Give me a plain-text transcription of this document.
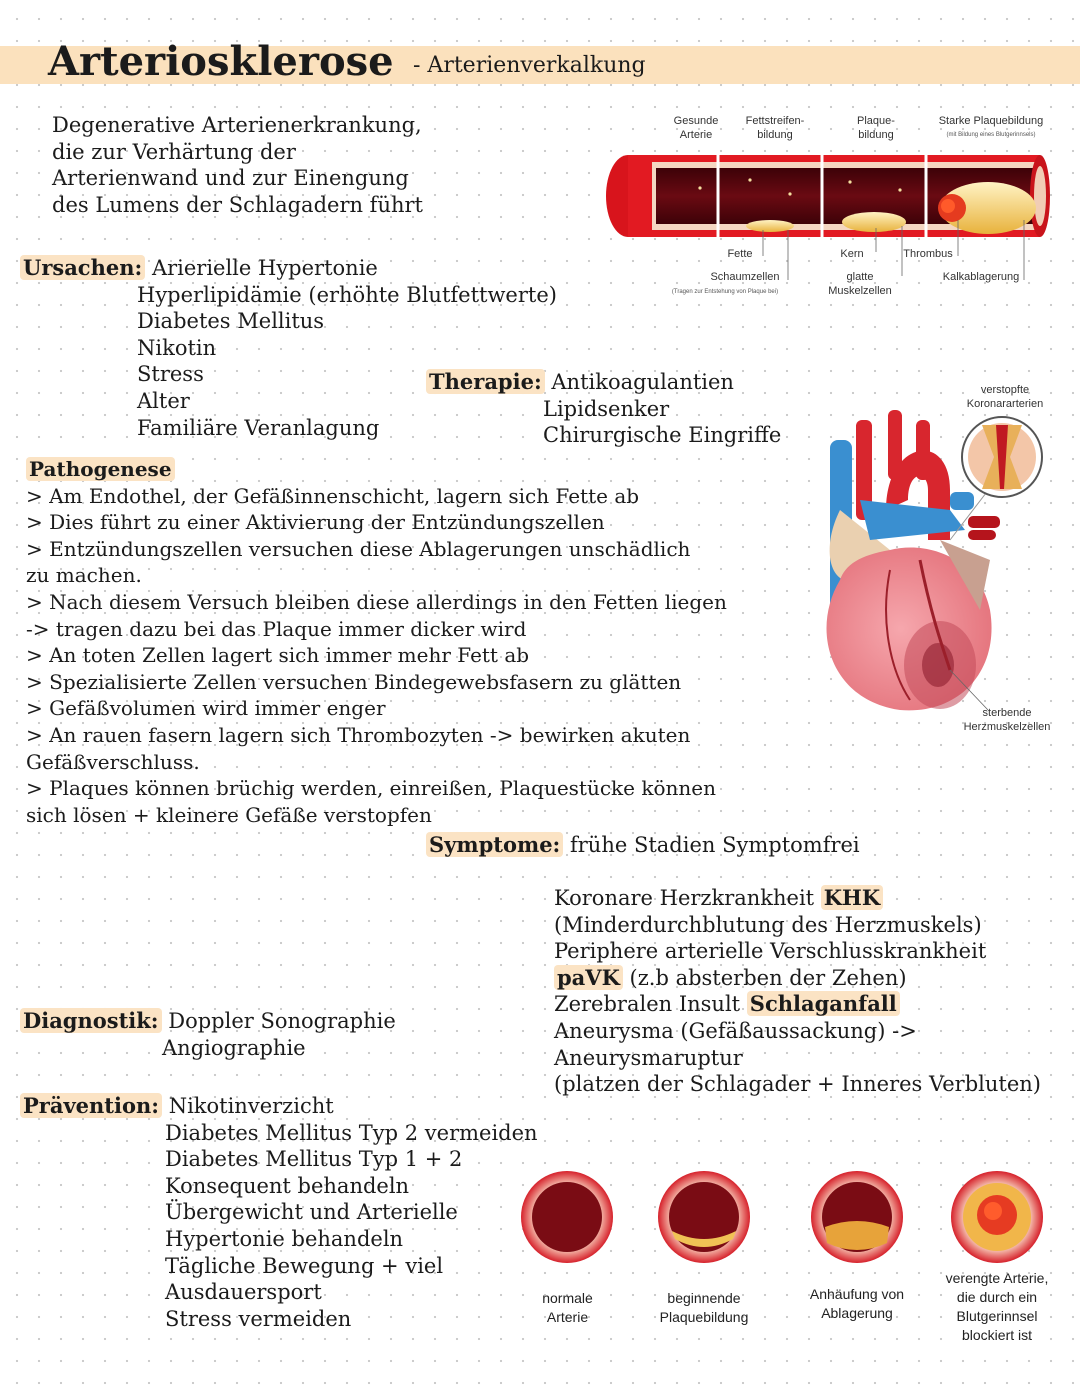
Arteriosklerose - Arterienverkalkung
Degenerative Arterienerkrankung,
die zur Verhärtung der
Arterienwand und zur Einengung
des Lumens der Schlagadern führt
Ursachen: Arierielle Hypertonie
Hyperlipidämie (erhöhte Blutfettwerte)
Diabetes Mellitus
Nikotin
Stress
Alter
Familiäre Veranlagung
Therapie: Antikoagulantien
Lipidsenker
Chirurgische Eingriffe
Pathogenese
> Am Endothel, der Gefäßinnenschicht, lagern sich Fette ab
> Dies führt zu einer Aktivierung der Entzündungszellen
> Entzündungszellen versuchen diese Ablagerungen unschädlich
zu machen.
> Nach diesem Versuch bleiben diese allerdings in den Fetten liegen
-> tragen dazu bei das Plaque immer dicker wird
> An toten Zellen lagert sich immer mehr Fett ab
> Spezialisierte Zellen versuchen Bindegewebsfasern zu glätten
> Gefäßvolumen wird immer enger
> An rauen fasern lagern sich Thrombozyten -> bewirken akuten
Gefäßverschluss.
> Plaques können brüchig werden, einreißen, Plaquestücke können
sich lösen + kleinere Gefäße verstopfen
Symptome: frühe Stadien Symptomfrei
Koronare Herzkrankheit KHK
(Minderdurchblutung des Herzmuskels)
Periphere arterielle Verschlusskrankheit
paVK (z.b absterben der Zehen)
Zerebralen Insult Schlaganfall
Aneurysma (Gefäßaussackung) ->
Aneurysmaruptur
(platzen der Schlagader + Inneres Verbluten)
Diagnostik: Doppler Sonographie
Angiographie
Prävention: Nikotinverzicht
Diabetes Mellitus Typ 2 vermeiden
Diabetes Mellitus Typ 1 + 2
Konsequent behandeln
Übergewicht und Arterielle
Hypertonie behandeln
Tägliche Bewegung + viel
Ausdauersport
Stress vermeiden
Gesunde
Arterie
Fettstreifen-
bildung
Plaque-
bildung
Starke Plaquebildung
(mit Bildung eines Blutgerinnsels)
Fette
Schaumzellen
(Tragen zur Entstehung von Plaque bei)
Kern
glatte
Muskelzellen
Thrombus
Kalkablagerung
verstopfte
Koronararterien
sterbende
Herzmuskelzellen
normale
Arterie
beginnende
Plaquebildung
Anhäufung von
Ablagerung
verengte Arterie,
die durch ein
Blutgerinnsel
blockiert ist
